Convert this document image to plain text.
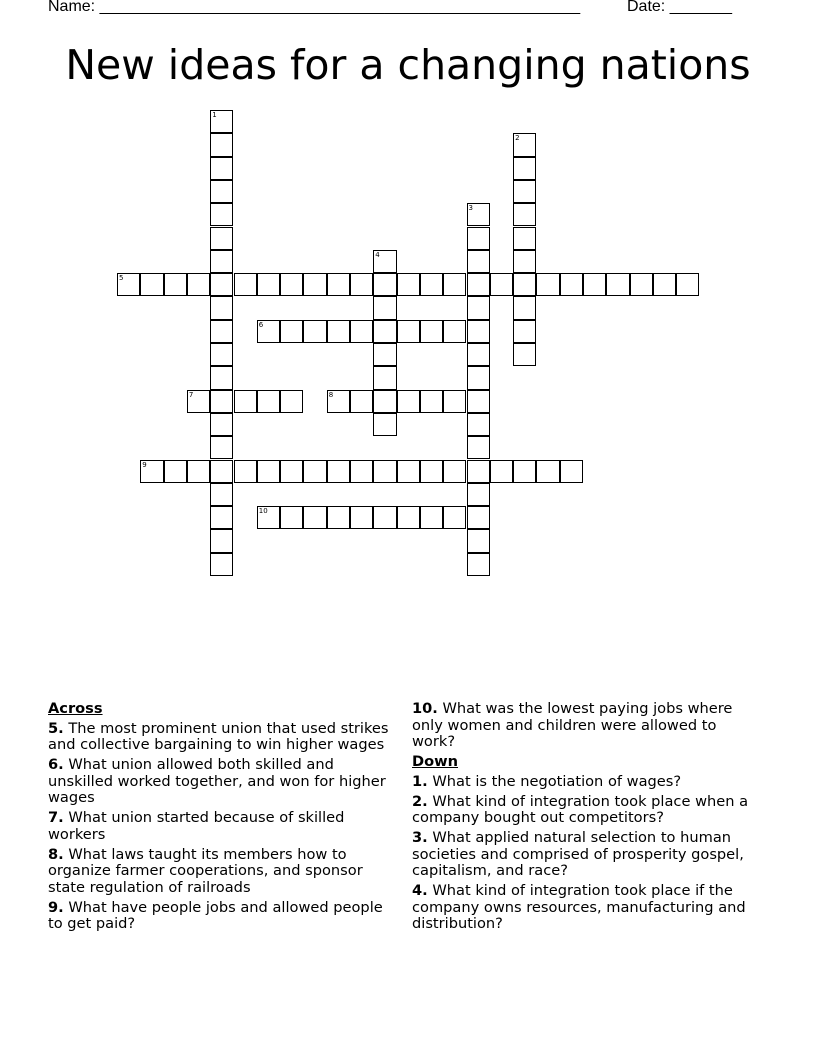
Name: ______________________________________________________	Date: _______
New ideas for a changing nations
1
2
3
4
5
6
7	8
9
10
Across
5. The most prominent union that used strikes and collective bargaining to win higher wages
6. What union allowed both skilled and unskilled worked together, and won for higher wages
7. What union started because of skilled workers
8. What laws taught its members how to organize farmer cooperations, and sponsor state regulation of railroads
9. What have people jobs and allowed people to get paid?
10. What was the lowest paying jobs where only women and children were allowed to work?
Down
1. What is the negotiation of wages?
2. What kind of integration took place when a company bought out competitors?
3. What applied natural selection to human societies and comprised of prosperity gospel, capitalism, and race?
4. What kind of integration took place if the company owns resources, manufacturing and distribution?
